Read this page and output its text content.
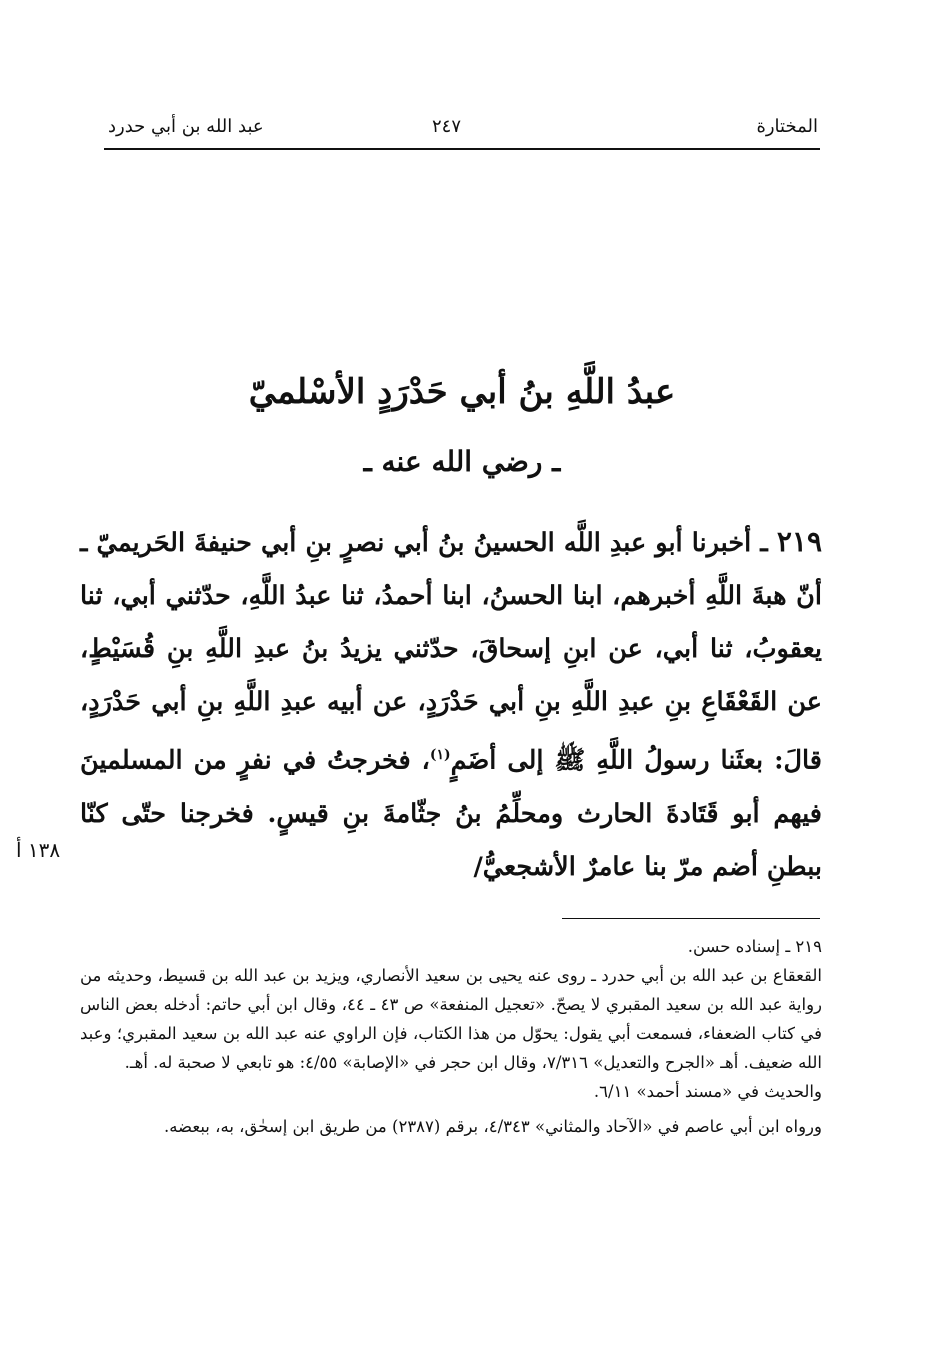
المختارة
٢٤٧
عبد الله بن أبي حدرد
عبدُ اللَّهِ بنُ أبي حَدْرَدٍ الأسْلميّ
ـ رضي الله عنه ـ

٢١٩ ـ أخبرنا أبو عبدِ اللَّه الحسينُ بنُ أبي نصرٍ بنِ أبي حنيفةَ الحَريميّ ـ أنّ هبةَ اللَّهِ أخبرهم، ابنا الحسنُ، ابنا أحمدُ، ثنا عبدُ اللَّهِ، حدّثني أبي، ثنا يعقوبُ، ثنا أبي، عن ابنِ إسحاقَ، حدّثني يزيدُ بنُ عبدِ اللَّهِ بنِ قُسَيْطٍ، عن القَعْقَاعِ بنِ عبدِ اللَّهِ بنِ أبي حَدْرَدٍ، عن أبيه عبدِ اللَّهِ بنِ أبي حَدْرَدٍ، قالَ: بعثَنا رسولُ اللَّهِ ﷺ إلى أضَمٍ$^{(١)}$، فخرجتُ في نفرٍ من المسلمينَ فيهم أبو قَتَادةَ الحارث ومحلِّمُ بنُ جثّامةَ بنِ قيسٍ. فخرجنا حتّى كنّا ببطنِ أضم مرّ بنا عامرٌ الأشجعيُّ/

١٣٨ أ

٢١٩ ـ إسناده حسن.

القعقاع بن عبد الله بن أبي حدرد ـ روى عنه يحيى بن سعيد الأنصاري، ويزيد بن عبد الله بن قسيط، وحديثه من رواية عبد الله بن سعيد المقبري لا يصحّ. «تعجيل المنفعة» ص ٤٣ ـ ٤٤، وقال ابن أبي حاتم: أدخله بعض الناس في كتاب الضعفاء، فسمعت أبي يقول: يحوّل من هذا الكتاب، فإن الراوي عنه عبد الله بن سعيد المقبري؛ وعبد الله ضعيف. أهـ «الجرح والتعديل» ٧/٣١٦، وقال ابن حجر في «الإصابة» ٤/٥٥: هو تابعي لا صحبة له. أهـ.

والحديث في «مسند أحمد» ٦/١١.

ورواه ابن أبي عاصم في «الآحاد والمثاني» ٤/٣٤٣، برقم (٢٣٨٧) من طريق ابن إسحٰق، به، ببعضه.
